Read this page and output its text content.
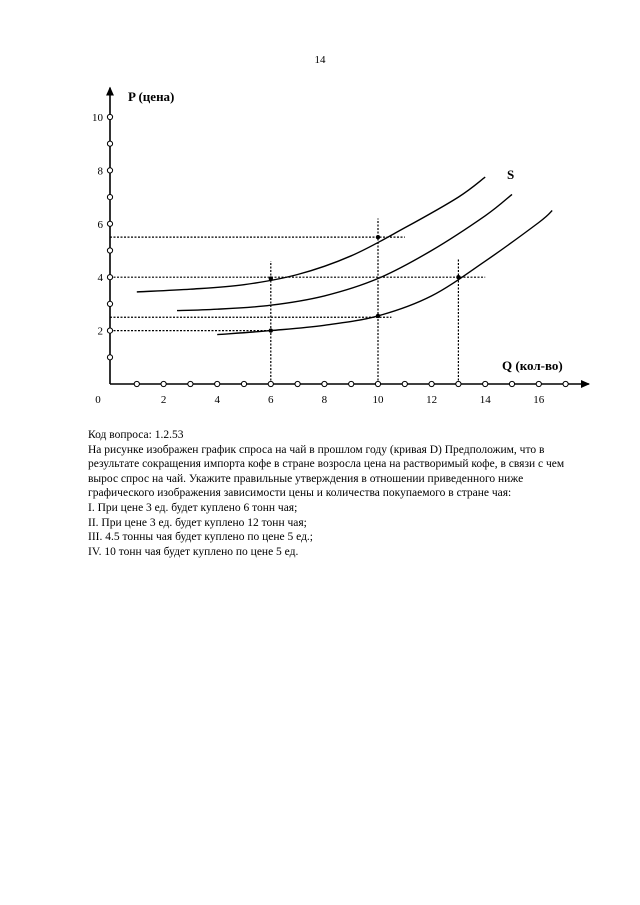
14
0	2	4	6	8	10	12	14	16
2
4
6
8
10
P (цена)
Q (кол-во)
S

Код вопроса: 1.2.53

На рисунке изображен график спроса на чай в прошлом году (кривая D) Предположим, что в результате сокращения импорта кофе в стране возросла цена на растворимый кофе, в связи с чем вырос спрос на чай. Укажите правильные утверждения в отношении приведенного ниже графического изображения зависимости цены и количества покупаемого в стране чая:

I. При цене 3 ед. будет куплено 6 тонн чая;

II. При цене 3 ед. будет куплено 12 тонн чая;

III. 4.5 тонны чая будет куплено по цене 5 ед.;

IV. 10 тонн чая будет куплено по цене 5 ед.
